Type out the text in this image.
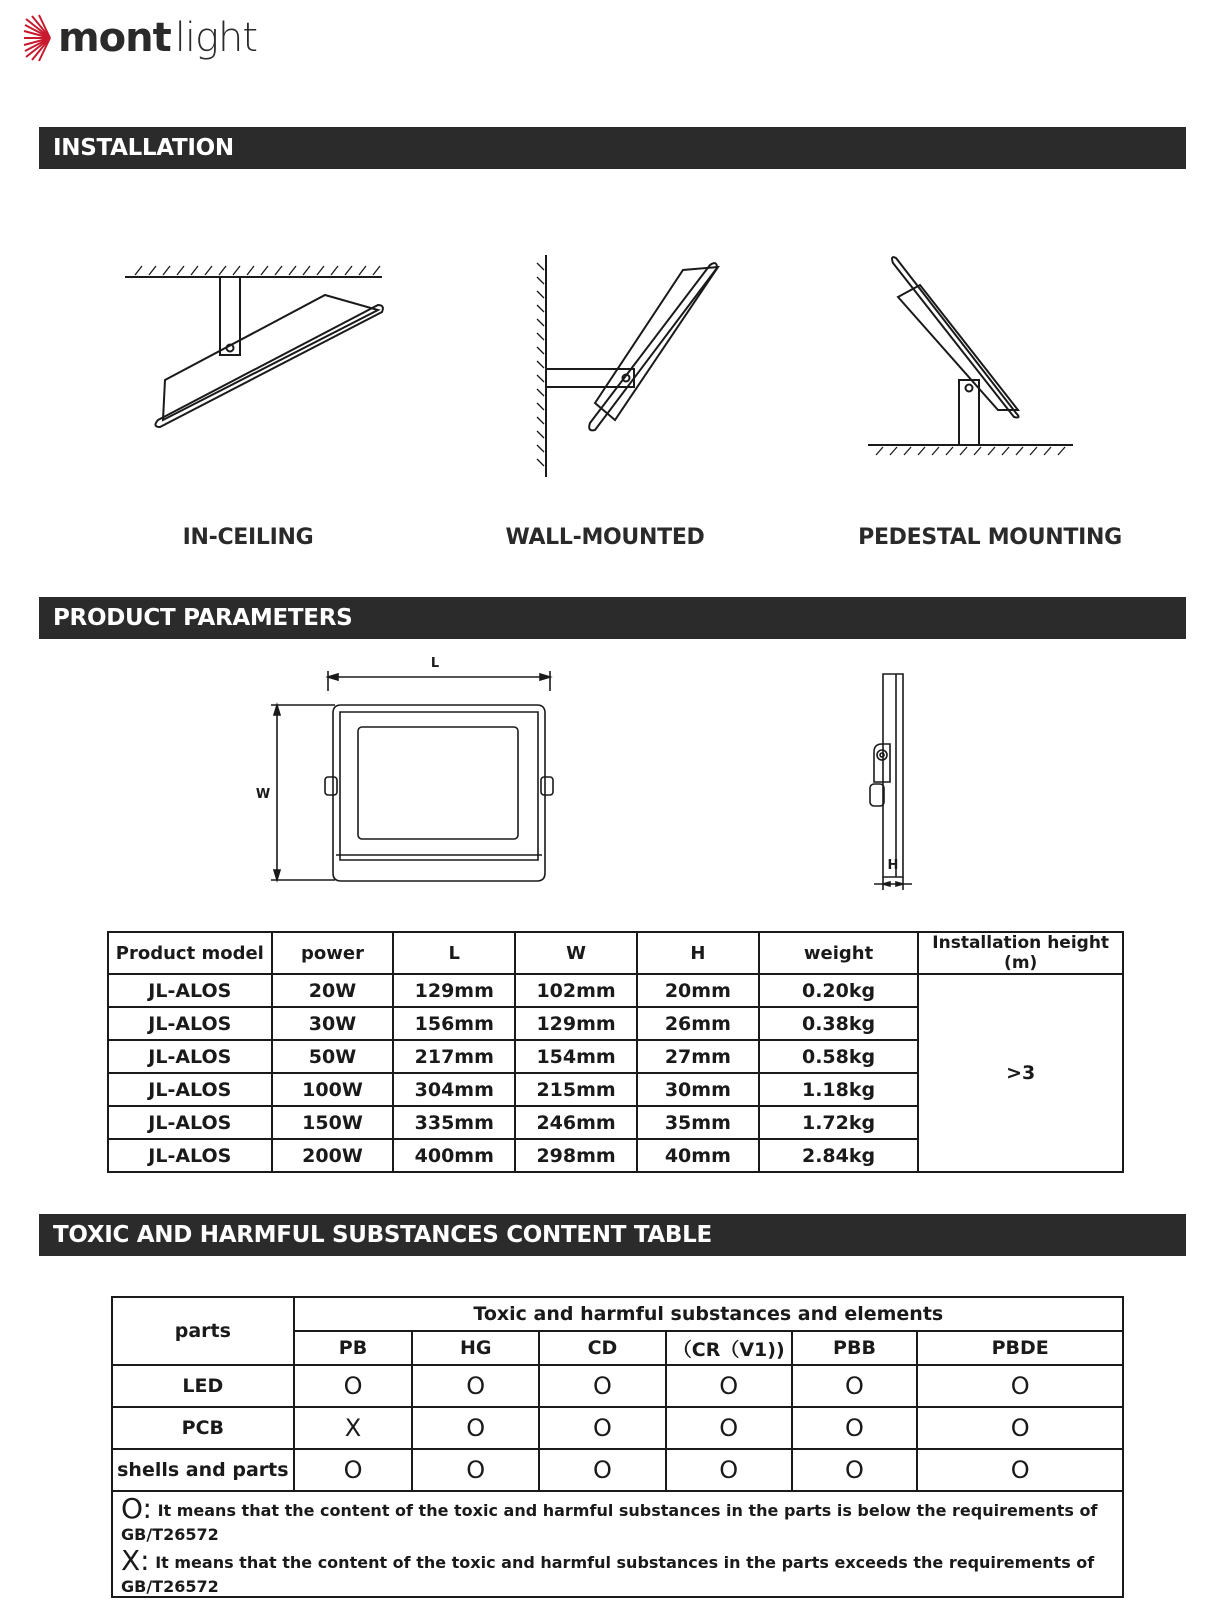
mont light
INSTALLATION
IN-CEILING	WALL-MOUNTED	PEDESTAL MOUNTING
PRODUCT PARAMETERS
L
W
H
Product model	power	L	W	H	weight	Installation height (m)
JL-ALOS	20W	129mm	102mm	20mm	0.20kg	>3
JL-ALOS	30W	156mm	129mm	26mm	0.38kg	
JL-ALOS	50W	217mm	154mm	27mm	0.58kg	
JL-ALOS	100W	304mm	215mm	30mm	1.18kg	
JL-ALOS	150W	335mm	246mm	35mm	1.72kg	
JL-ALOS	200W	400mm	298mm	40mm	2.84kg	
TOXIC AND HARMFUL SUBSTANCES CONTENT TABLE
parts	Toxic and harmful substances and elements					
	PB	HG	CD	（CR（V1))	PBB	PBDE
LED	O	O	O	O	O	O
PCB	X	O	O	O	O	O
shells and parts	O	O	O	O	O	O
O: It means that the content of the toxic and harmful substances in the parts is below the requirements of GB/T26572						
X: It means that the content of the toxic and harmful substances in the parts exceeds the requirements of GB/T26572						
